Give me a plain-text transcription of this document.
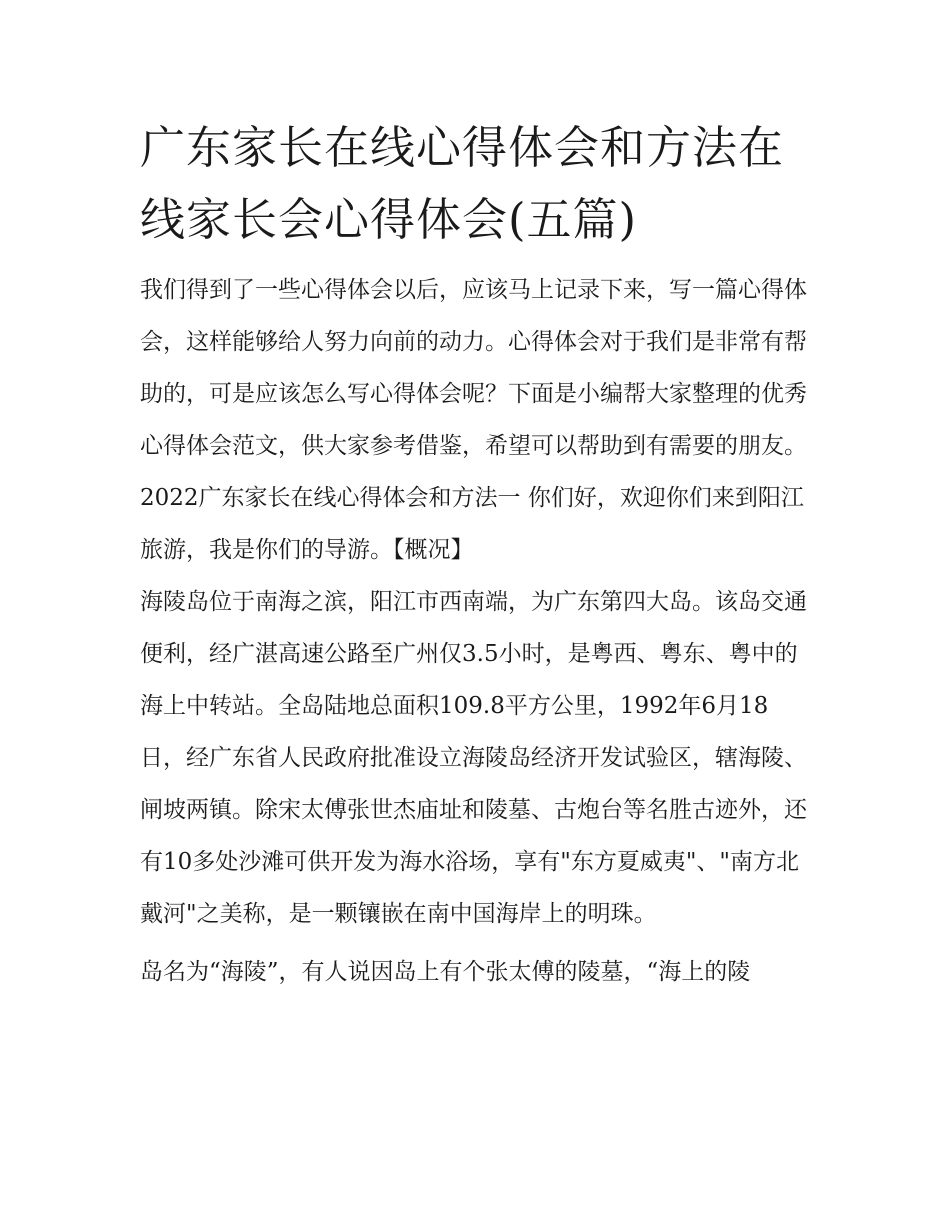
广东家长在线心得体会和方法在线家长会心得体会(五篇)

我们得到了一些心得体会以后，应该马上记录下来，写一篇心得体会，这样能够给人努力向前的动力。心得体会对于我们是非常有帮助的，可是应该怎么写心得体会呢？下面是小编帮大家整理的优秀心得体会范文，供大家参考借鉴，希望可以帮助到有需要的朋友。

2022广东家长在线心得体会和方法一 你们好，欢迎你们来到阳江旅游，我是你们的导游。【概况】

海陵岛位于南海之滨，阳江市西南端，为广东第四大岛。该岛交通便利，经广湛高速公路至广州仅3.5小时，是粤西、粤东、粤中的海上中转站。全岛陆地总面积109.8平方公里，1992年6月18日，经广东省人民政府批准设立海陵岛经济开发试验区，辖海陵、闸坡两镇。除宋太傅张世杰庙址和陵墓、古炮台等名胜古迹外，还有10多处沙滩可供开发为海水浴场，享有"东方夏威夷"、"南方北戴河"之美称，是一颗镶嵌在南中国海岸上的明珠。

岛名为“海陵”，有人说因岛上有个张太傅的陵墓，“海上的陵
